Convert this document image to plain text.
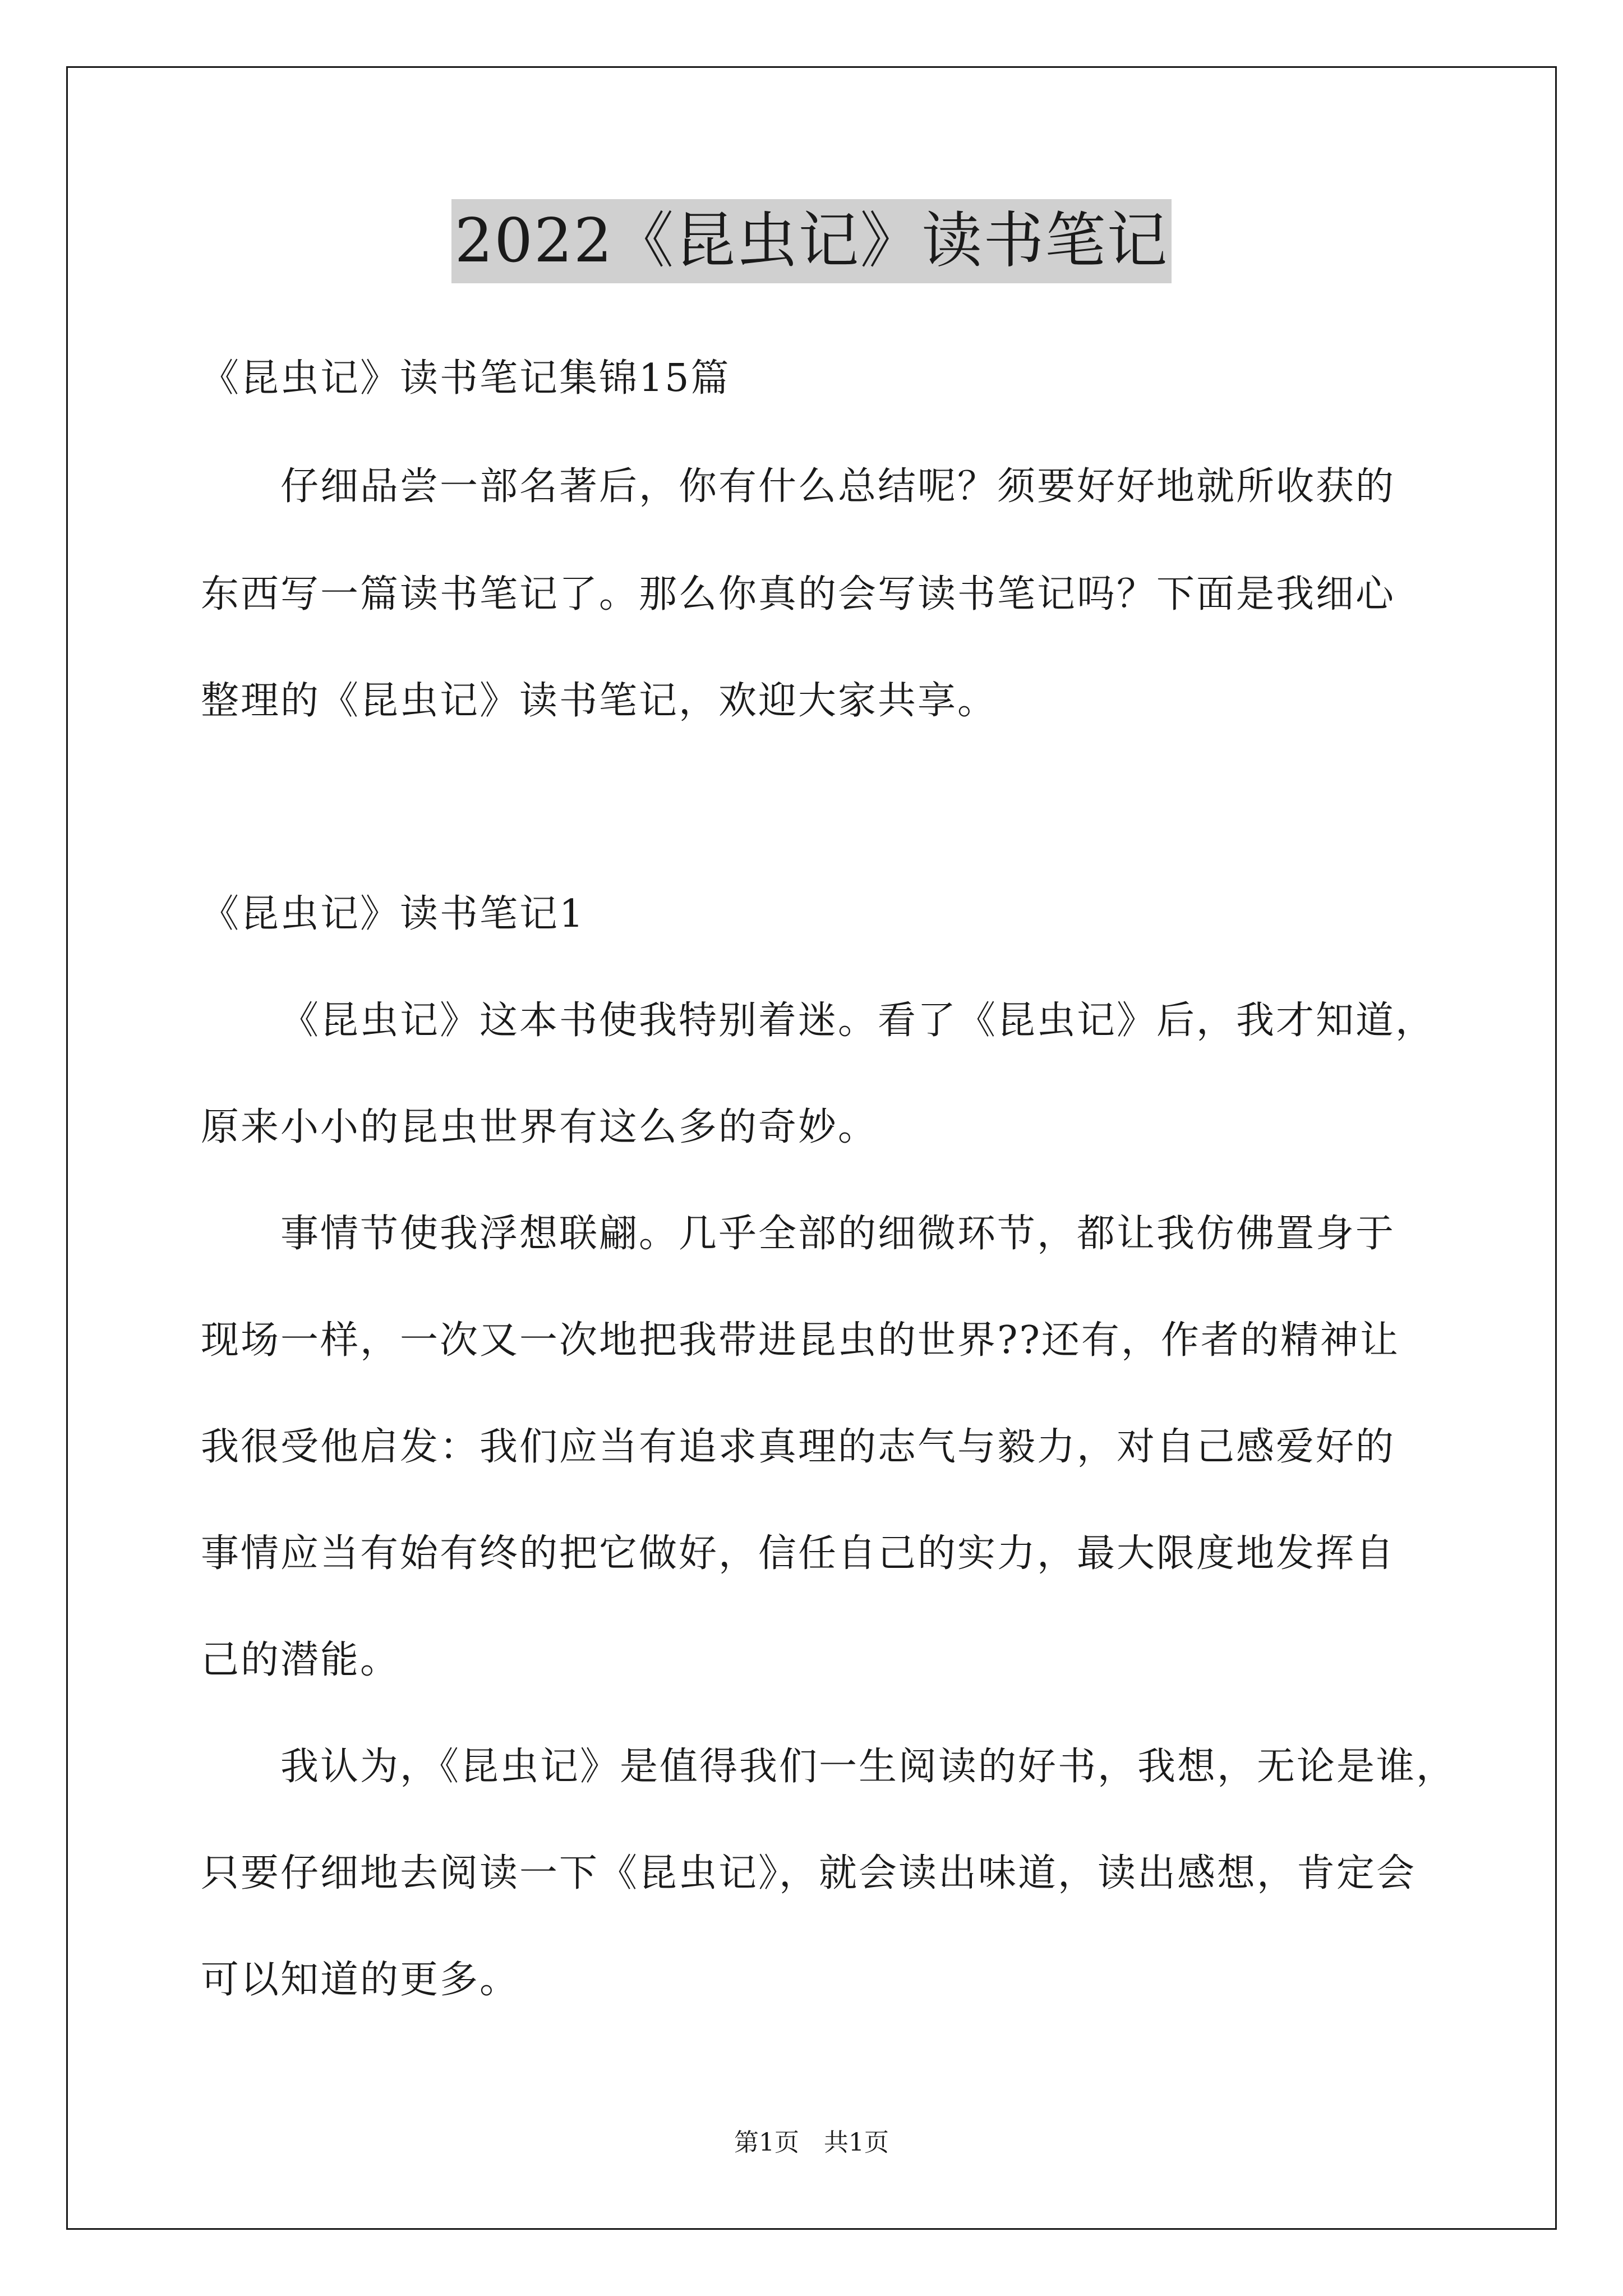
2022《昆虫记》读书笔记
《昆虫记》读书笔记集锦15篇
仔细品尝一部名著后，你有什么总结呢？须要好好地就所收获的
东西写一篇读书笔记了。那么你真的会写读书笔记吗？下面是我细心
整理的《昆虫记》读书笔记，欢迎大家共享。
《昆虫记》读书笔记1
《昆虫记》这本书使我特别着迷。看了《昆虫记》后，我才知道，
原来小小的昆虫世界有这么多的奇妙。
事情节使我浮想联翩。几乎全部的细微环节，都让我仿佛置身于
现场一样，一次又一次地把我带进昆虫的世界??还有，作者的精神让
我很受他启发：我们应当有追求真理的志气与毅力，对自己感爱好的
事情应当有始有终的把它做好，信任自己的实力，最大限度地发挥自
己的潜能。
我认为，《昆虫记》是值得我们一生阅读的好书，我想，无论是谁，
只要仔细地去阅读一下《昆虫记》，就会读出味道，读出感想，肯定会
可以知道的更多。
第1页　共1页
